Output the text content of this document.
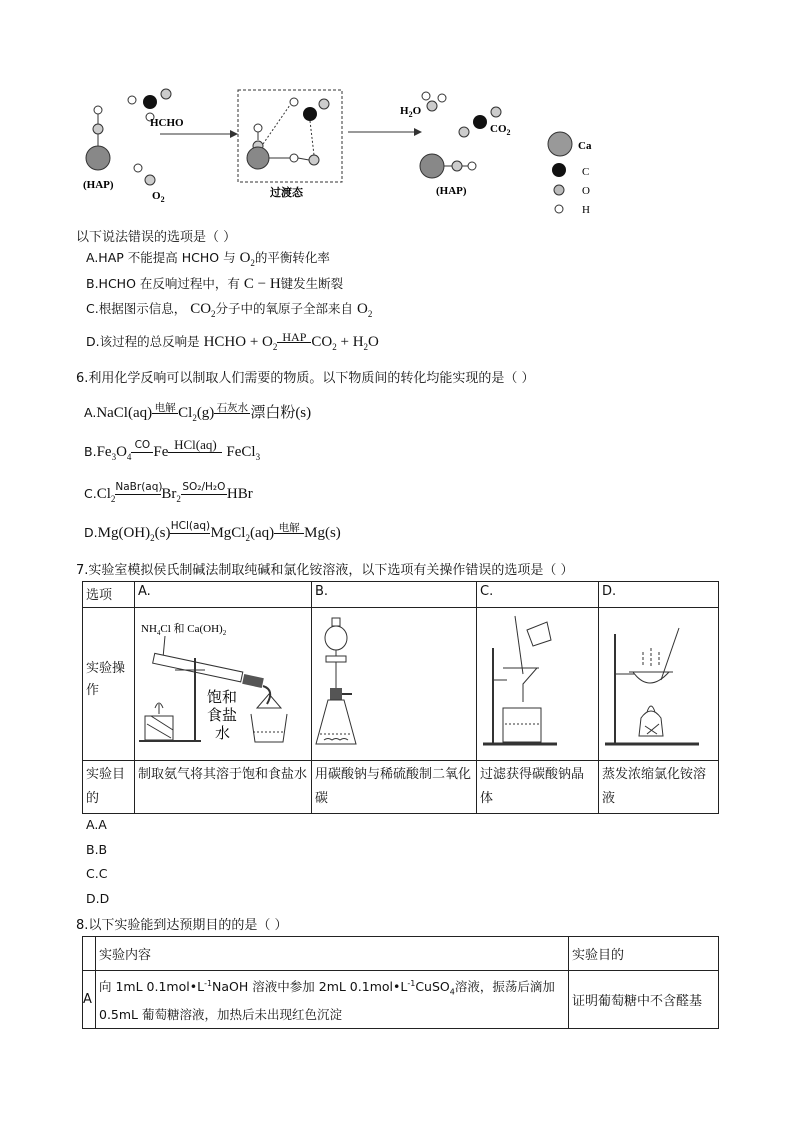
HCHO
(HAP)
$O_2$
过渡态
$H_2O$
$CO_2$
(HAP)
Ca
C
O
H
以下说法错误的选项是（ ）
A.HAP 不能提高 HCHO 与 $O_2$的平衡转化率
B.HCHO 在反响过程中，有 C − H键发生断裂
C.根据图示信息， $CO_2$分子中的氧原子全部来自 $O_2$
D.该过程的总反响是 HCHO + $O_2$
HAP $CO_2 + H_2O$
6.利用化学反响可以制取人们需要的物质。以下物质间的转化均能实现的是（ ）
A.NaCl(aq) 电解 $Cl_2(g)$ 石灰水 漂白粉(s)
$B.Fe_3O_4$
CO Fe HCl(aq) FeCl$_3$
$C.Cl_2$
NaBr(aq)
$Br_2$
SO₂/H₂O HBr
$D.Mg(OH)_2(s)$ HCl(aq) MgCl$_2$(aq) 电解 Mg(s)
7.实验室模拟侯氏制碱法制取纯碱和氯化铵溶液，以下选项有关操作错误的选项是（ ）
选项	A.	B.	C.	D.
实验操作	$NH_4Cl$ 和 $Ca(OH)_2$
饱和
食盐
水

实验目的	制取氨气将其溶于饱和食盐水	用碳酸钠与稀硫酸制二氧化碳	过滤获得碳酸钠晶体	蒸发浓缩氯化铵溶液
A.A
B.B
C.C
D.D
8.以下实验能到达预期目的的是（ ）
	实验内容	实验目的
A	向 1mL $0.1mol•L^{-1}NaOH$ 溶液中参加 2mL $0.1mol•L^{-1}CuSO_4$溶液，振荡后滴加
0.5mL 葡萄糖溶液，加热后未出现红色沉淀	证明葡萄糖中不含醛基
